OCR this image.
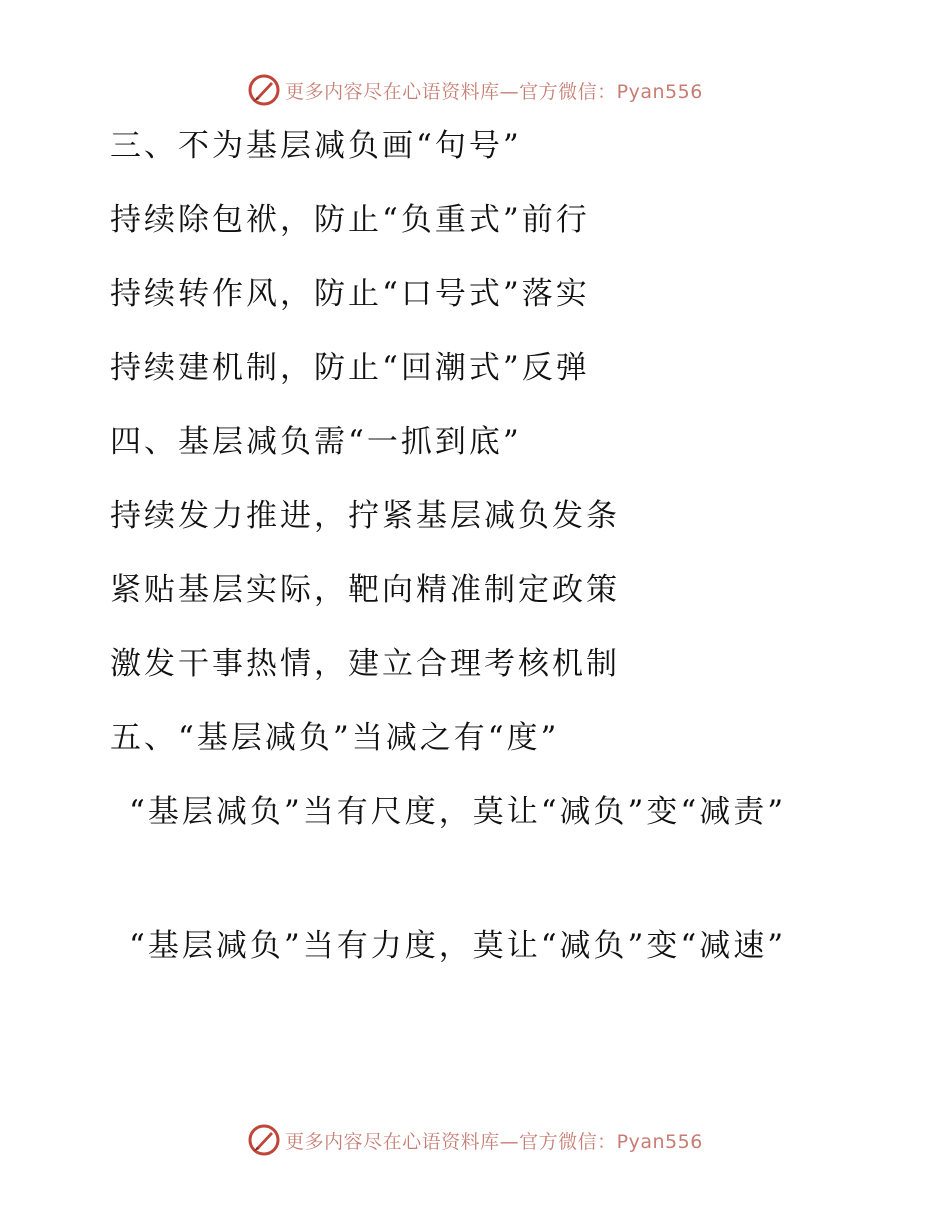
更多内容尽在心语资料库—官方微信：Pyan556
三、不为基层减负画“句号”
持续除包袱，防止“负重式”前行
持续转作风，防止“口号式”落实
持续建机制，防止“回潮式”反弹
四、基层减负需“一抓到底”
持续发力推进，拧紧基层减负发条
紧贴基层实际，靶向精准制定政策
激发干事热情，建立合理考核机制
五、“基层减负”当减之有“度”
“基层减负”当有尺度，莫让“减负”变“减责”
“基层减负”当有力度，莫让“减负”变“减速”
更多内容尽在心语资料库—官方微信：Pyan556
